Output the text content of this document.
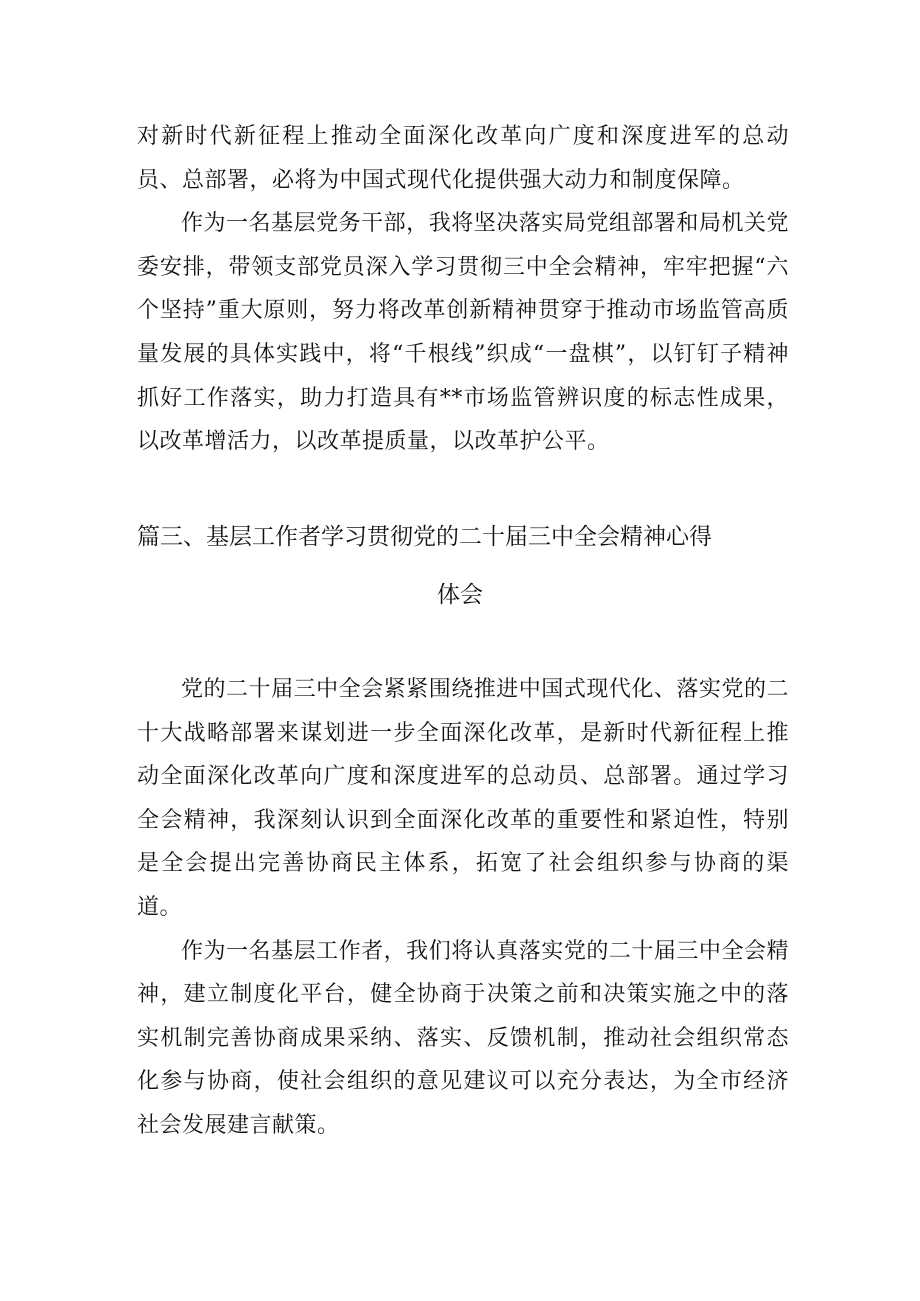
对新时代新征程上推动全面深化改革向广度和深度进军的总动员、总部署，必将为中国式现代化提供强大动力和制度保障。

作为一名基层党务干部，我将坚决落实局党组部署和局机关党委安排，带领支部党员深入学习贯彻三中全会精神，牢牢把握“六个坚持”重大原则，努力将改革创新精神贯穿于推动市场监管高质量发展的具体实践中，将“千根线”织成“一盘棋”，以钉钉子精神抓好工作落实，助力打造具有**市场监管辨识度的标志性成果，以改革增活力，以改革提质量，以改革护公平。

篇三、基层工作者学习贯彻党的二十届三中全会精神心得
体会

党的二十届三中全会紧紧围绕推进中国式现代化、落实党的二十大战略部署来谋划进一步全面深化改革，是新时代新征程上推动全面深化改革向广度和深度进军的总动员、总部署。通过学习全会精神，我深刻认识到全面深化改革的重要性和紧迫性，特别是全会提出完善协商民主体系，拓宽了社会组织参与协商的渠道。

作为一名基层工作者，我们将认真落实党的二十届三中全会精神，建立制度化平台，健全协商于决策之前和决策实施之中的落实机制完善协商成果采纳、落实、反馈机制，推动社会组织常态化参与协商，使社会组织的意见建议可以充分表达，为全市经济社会发展建言献策。
